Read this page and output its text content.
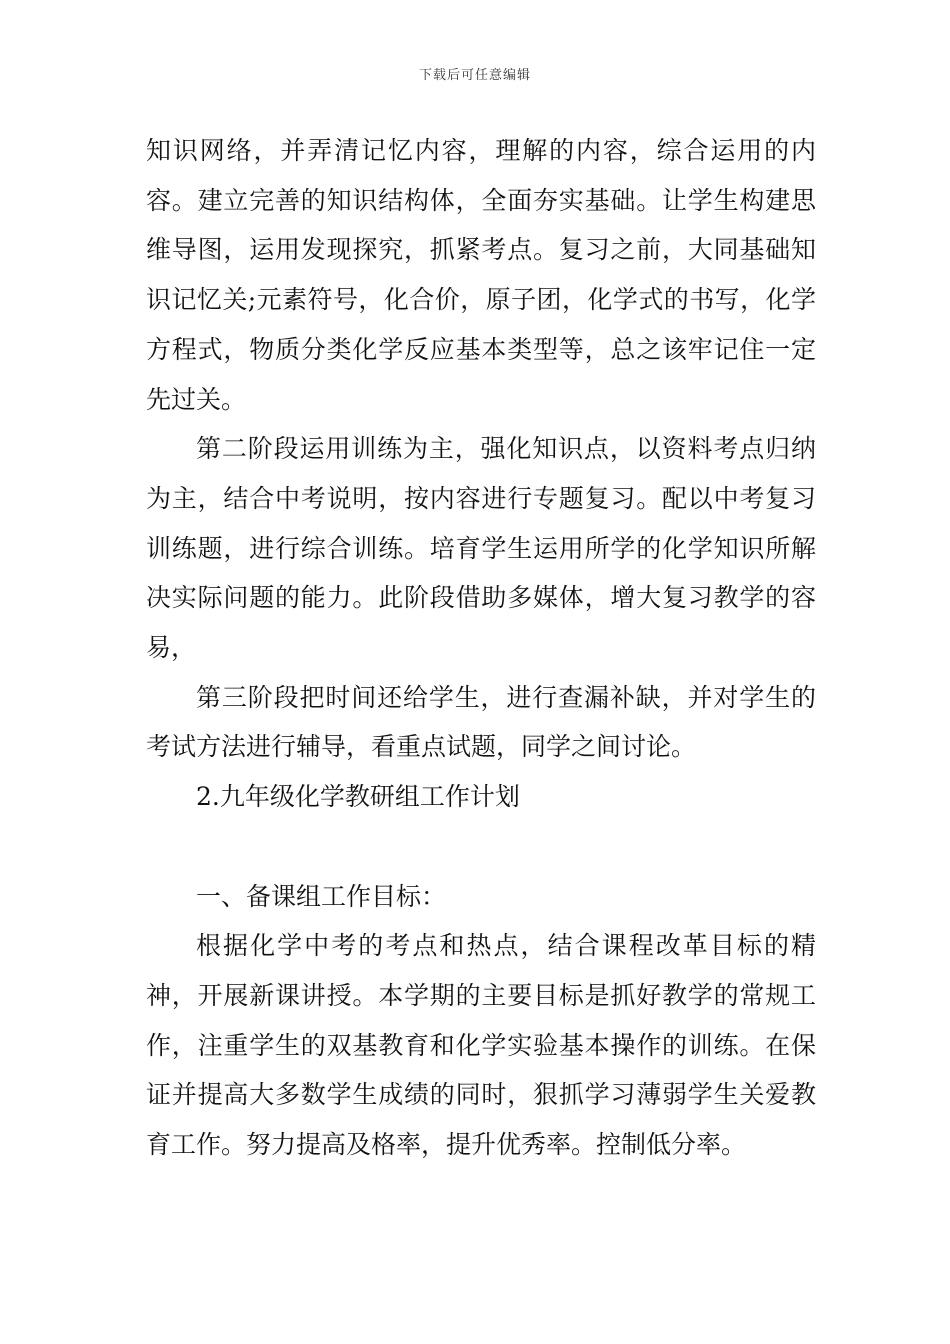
下载后可任意编辑

知识网络，并弄清记忆内容，理解的内容，综合运用的内容。建立完善的知识结构体，全面夯实基础。让学生构建思维导图，运用发现探究，抓紧考点。复习之前，大同基础知识记忆关;元素符号，化合价，原子团，化学式的书写，化学方程式，物质分类化学反应基本类型等，总之该牢记住一定先过关。

第二阶段运用训练为主，强化知识点，以资料考点归纳为主，结合中考说明，按内容进行专题复习。配以中考复习训练题，进行综合训练。培育学生运用所学的化学知识所解决实际问题的能力。此阶段借助多媒体，增大复习教学的容易，

第三阶段把时间还给学生，进行查漏补缺，并对学生的考试方法进行辅导，看重点试题，同学之间讨论。

2.九年级化学教研组工作计划

一、备课组工作目标：

根据化学中考的考点和热点，结合课程改革目标的精神，开展新课讲授。本学期的主要目标是抓好教学的常规工作，注重学生的双基教育和化学实验基本操作的训练。在保证并提高大多数学生成绩的同时，狠抓学习薄弱学生关爱教育工作。努力提高及格率，提升优秀率。控制低分率。
